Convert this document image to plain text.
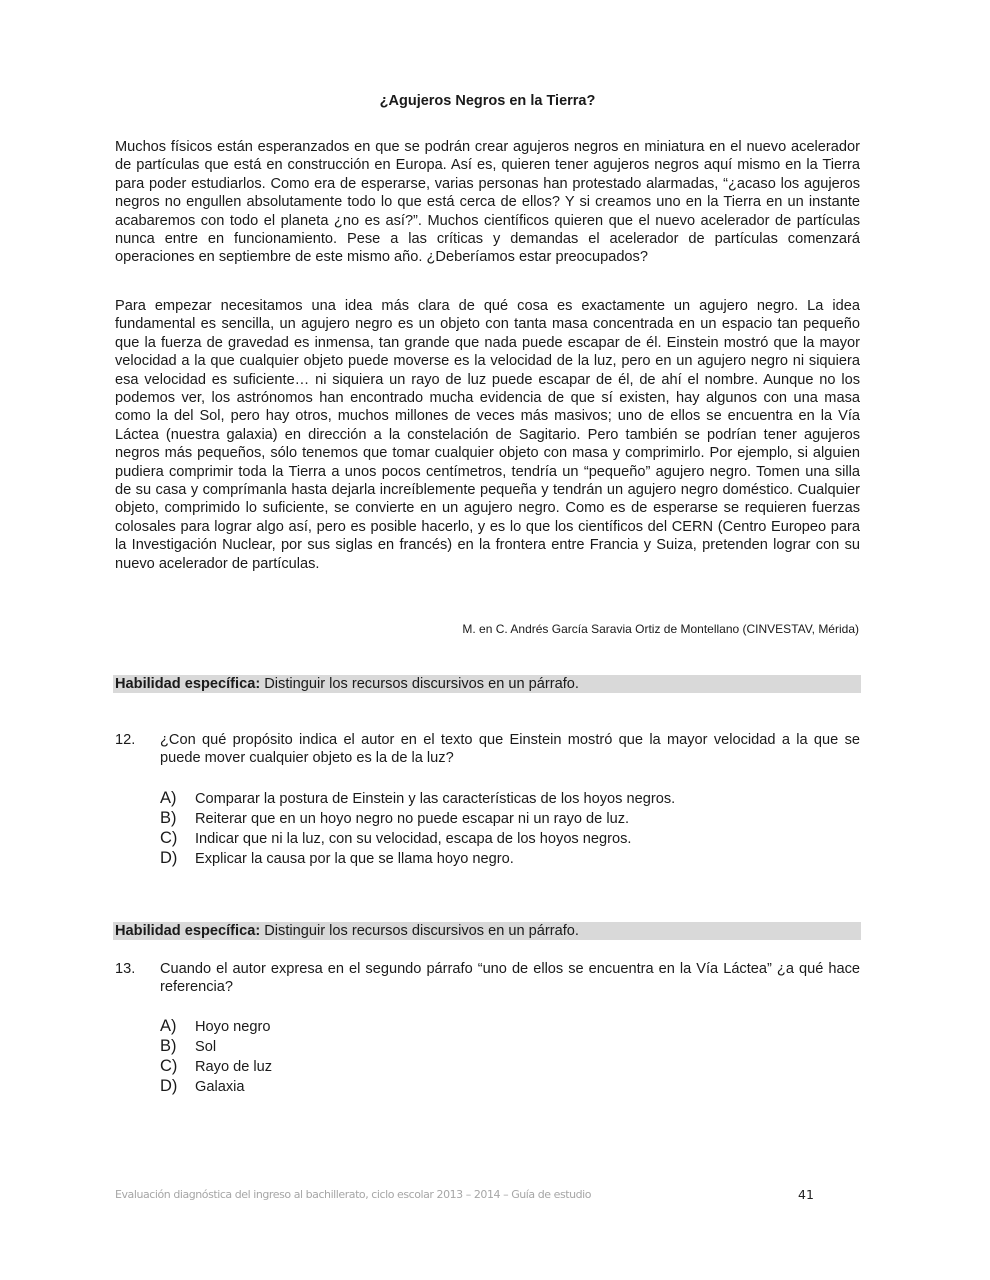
¿Agujeros Negros en la Tierra?

Muchos físicos están esperanzados en que se podrán crear agujeros negros en miniatura en el nuevo acelerador de partículas que está en construcción en Europa. Así es, quieren tener agujeros negros aquí mismo en la Tierra para poder estudiarlos. Como era de esperarse, varias personas han protestado alarmadas, “¿acaso los agujeros negros no engullen absolutamente todo lo que está cerca de ellos? Y si creamos uno en la Tierra en un instante acabaremos con todo el planeta ¿no es así?”. Muchos científicos quieren que el nuevo acelerador de partículas nunca entre en funcionamiento. Pese a las críticas y demandas el acelerador de partículas comenzará operaciones en septiembre de este mismo año. ¿Deberíamos estar preocupados?

Para empezar necesitamos una idea más clara de qué cosa es exactamente un agujero negro. La idea fundamental es sencilla, un agujero negro es un objeto con tanta masa concentrada en un espacio tan pequeño que la fuerza de gravedad es inmensa, tan grande que nada puede escapar de él. Einstein mostró que la mayor velocidad a la que cualquier objeto puede moverse es la velocidad de la luz, pero en un agujero negro ni siquiera esa velocidad es suficiente… ni siquiera un rayo de luz puede escapar de él, de ahí el nombre. Aunque no los podemos ver, los astrónomos han encontrado mucha evidencia de que sí existen, hay algunos con una masa como la del Sol, pero hay otros, muchos millones de veces más masivos; uno de ellos se encuentra en la Vía Láctea (nuestra galaxia) en dirección a la constelación de Sagitario. Pero también se podrían tener agujeros negros más pequeños, sólo tenemos que tomar cualquier objeto con masa y comprimirlo. Por ejemplo, si alguien pudiera comprimir toda la Tierra a unos pocos centímetros, tendría un “pequeño” agujero negro. Tomen una silla de su casa y comprímanla hasta dejarla increíblemente pequeña y tendrán un agujero negro doméstico. Cualquier objeto, comprimido lo suficiente, se convierte en un agujero negro. Como es de esperarse se requieren fuerzas colosales para lograr algo así, pero es posible hacerlo, y es lo que los científicos del CERN (Centro Europeo para la Investigación Nuclear, por sus siglas en francés) en la frontera entre Francia y Suiza, pretenden lograr con su nuevo acelerador de partículas.

M. en C. Andrés García Saravia Ortiz de Montellano (CINVESTAV, Mérida)

Habilidad específica: Distinguir los recursos discursivos en un párrafo.
12.	¿Con qué propósito indica el autor en el texto que Einstein mostró que la mayor velocidad a la que se puede mover cualquier objeto es la de la luz?
A)	Comparar la postura de Einstein y las características de los hoyos negros.
B)	Reiterar que en un hoyo negro no puede escapar ni un rayo de luz.
C)	Indicar que ni la luz, con su velocidad, escapa de los hoyos negros.
D)	Explicar la causa por la que se llama hoyo negro.
Habilidad específica: Distinguir los recursos discursivos en un párrafo.
13.	Cuando el autor expresa en el segundo párrafo “uno de ellos se encuentra en la Vía Láctea” ¿a qué hace referencia?
A)	Hoyo negro
B)	Sol
C)	Rayo de luz
D)	Galaxia
Evaluación diagnóstica del ingreso al bachillerato, ciclo escolar 2013 – 2014 – Guía de estudio	41
